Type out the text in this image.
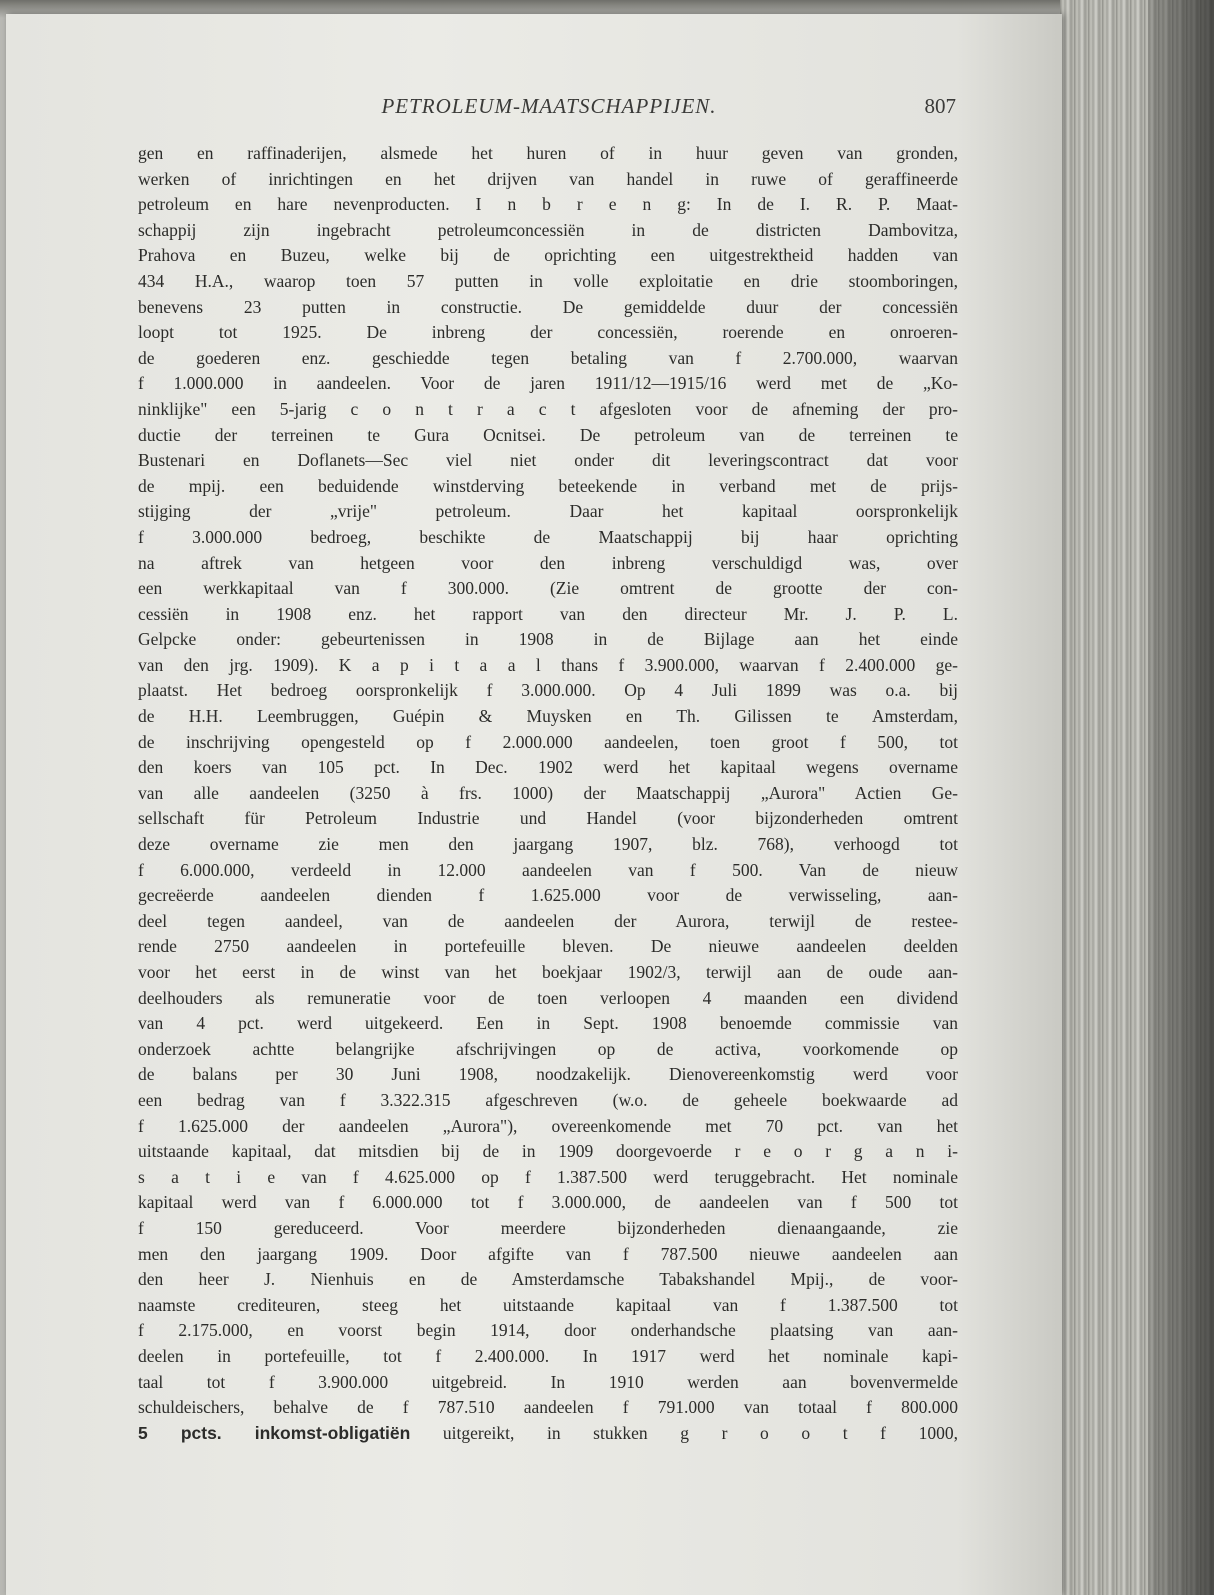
PETROLEUM-MAATSCHAPPIJEN.	807
gen en raffinaderijen, alsmede het huren of in huur geven van gronden,
werken of inrichtingen en het drijven van handel in ruwe of geraffineerde
petroleum en hare nevenproducten. I n b r e n g: In de I. R. P. Maat-
schappij zijn ingebracht petroleumconcessiën in de districten Dambovitza,
Prahova en Buzeu, welke bij de oprichting een uitgestrektheid hadden van
434 H.A., waarop toen 57 putten in volle exploitatie en drie stoomboringen,
benevens 23 putten in constructie. De gemiddelde duur der concessiën
loopt tot 1925. De inbreng der concessiën, roerende en onroeren-
de goederen enz. geschiedde tegen betaling van f 2.700.000, waarvan
f 1.000.000 in aandeelen. Voor de jaren 1911/12—1915/16 werd met de „Ko-
ninklijke" een 5-jarig c o n t r a c t afgesloten voor de afneming der pro-
ductie der terreinen te Gura Ocnitsei. De petroleum van de terreinen te
Bustenari en Doflanets—Sec viel niet onder dit leveringscontract dat voor
de mpij. een beduidende winstderving beteekende in verband met de prijs-
stijging der „vrije" petroleum. Daar het kapitaal oorspronkelijk
f 3.000.000 bedroeg, beschikte de Maatschappij bij haar oprichting
na aftrek van hetgeen voor den inbreng verschuldigd was, over
een werkkapitaal van f 300.000. (Zie omtrent de grootte der con-
cessiën in 1908 enz. het rapport van den directeur Mr. J. P. L.
Gelpcke onder: gebeurtenissen in 1908 in de Bijlage aan het einde
van den jrg. 1909). K a p i t a a l thans f 3.900.000, waarvan f 2.400.000 ge-
plaatst. Het bedroeg oorspronkelijk f 3.000.000. Op 4 Juli 1899 was o.a. bij
de H.H. Leembruggen, Guépin & Muysken en Th. Gilissen te Amsterdam,
de inschrijving opengesteld op f 2.000.000 aandeelen, toen groot f 500, tot
den koers van 105 pct. In Dec. 1902 werd het kapitaal wegens overname
van alle aandeelen (3250 à frs. 1000) der Maatschappij „Aurora" Actien Ge-
sellschaft für Petroleum Industrie und Handel (voor bijzonderheden omtrent
deze overname zie men den jaargang 1907, blz. 768), verhoogd tot
f 6.000.000, verdeeld in 12.000 aandeelen van f 500. Van de nieuw
gecreëerde aandeelen dienden f 1.625.000 voor de verwisseling, aan-
deel tegen aandeel, van de aandeelen der Aurora, terwijl de restee-
rende 2750 aandeelen in portefeuille bleven. De nieuwe aandeelen deelden
voor het eerst in de winst van het boekjaar 1902/3, terwijl aan de oude aan-
deelhouders als remuneratie voor de toen verloopen 4 maanden een dividend
van 4 pct. werd uitgekeerd. Een in Sept. 1908 benoemde commissie van
onderzoek achtte belangrijke afschrijvingen op de activa, voorkomende op
de balans per 30 Juni 1908, noodzakelijk. Dienovereenkomstig werd voor
een bedrag van f 3.322.315 afgeschreven (w.o. de geheele boekwaarde ad
f 1.625.000 der aandeelen „Aurora"), overeenkomende met 70 pct. van het
uitstaande kapitaal, dat mitsdien bij de in 1909 doorgevoerde r e o r g a n i-
s a t i e van f 4.625.000 op f 1.387.500 werd teruggebracht. Het nominale
kapitaal werd van f 6.000.000 tot f 3.000.000, de aandeelen van f 500 tot
f 150 gereduceerd. Voor meerdere bijzonderheden dienaangaande, zie
men den jaargang 1909. Door afgifte van f 787.500 nieuwe aandeelen aan
den heer J. Nienhuis en de Amsterdamsche Tabakshandel Mpij., de voor-
naamste crediteuren, steeg het uitstaande kapitaal van f 1.387.500 tot
f 2.175.000, en voorst begin 1914, door onderhandsche plaatsing van aan-
deelen in portefeuille, tot f 2.400.000. In 1917 werd het nominale kapi-
taal tot f 3.900.000 uitgebreid. In 1910 werden aan bovenvermelde
schuldeischers, behalve de f 787.510 aandeelen f 791.000 van totaal f 800.000
5 pcts. inkomst-obligatiën uitgereikt, in stukken g r o o t f 1000,
